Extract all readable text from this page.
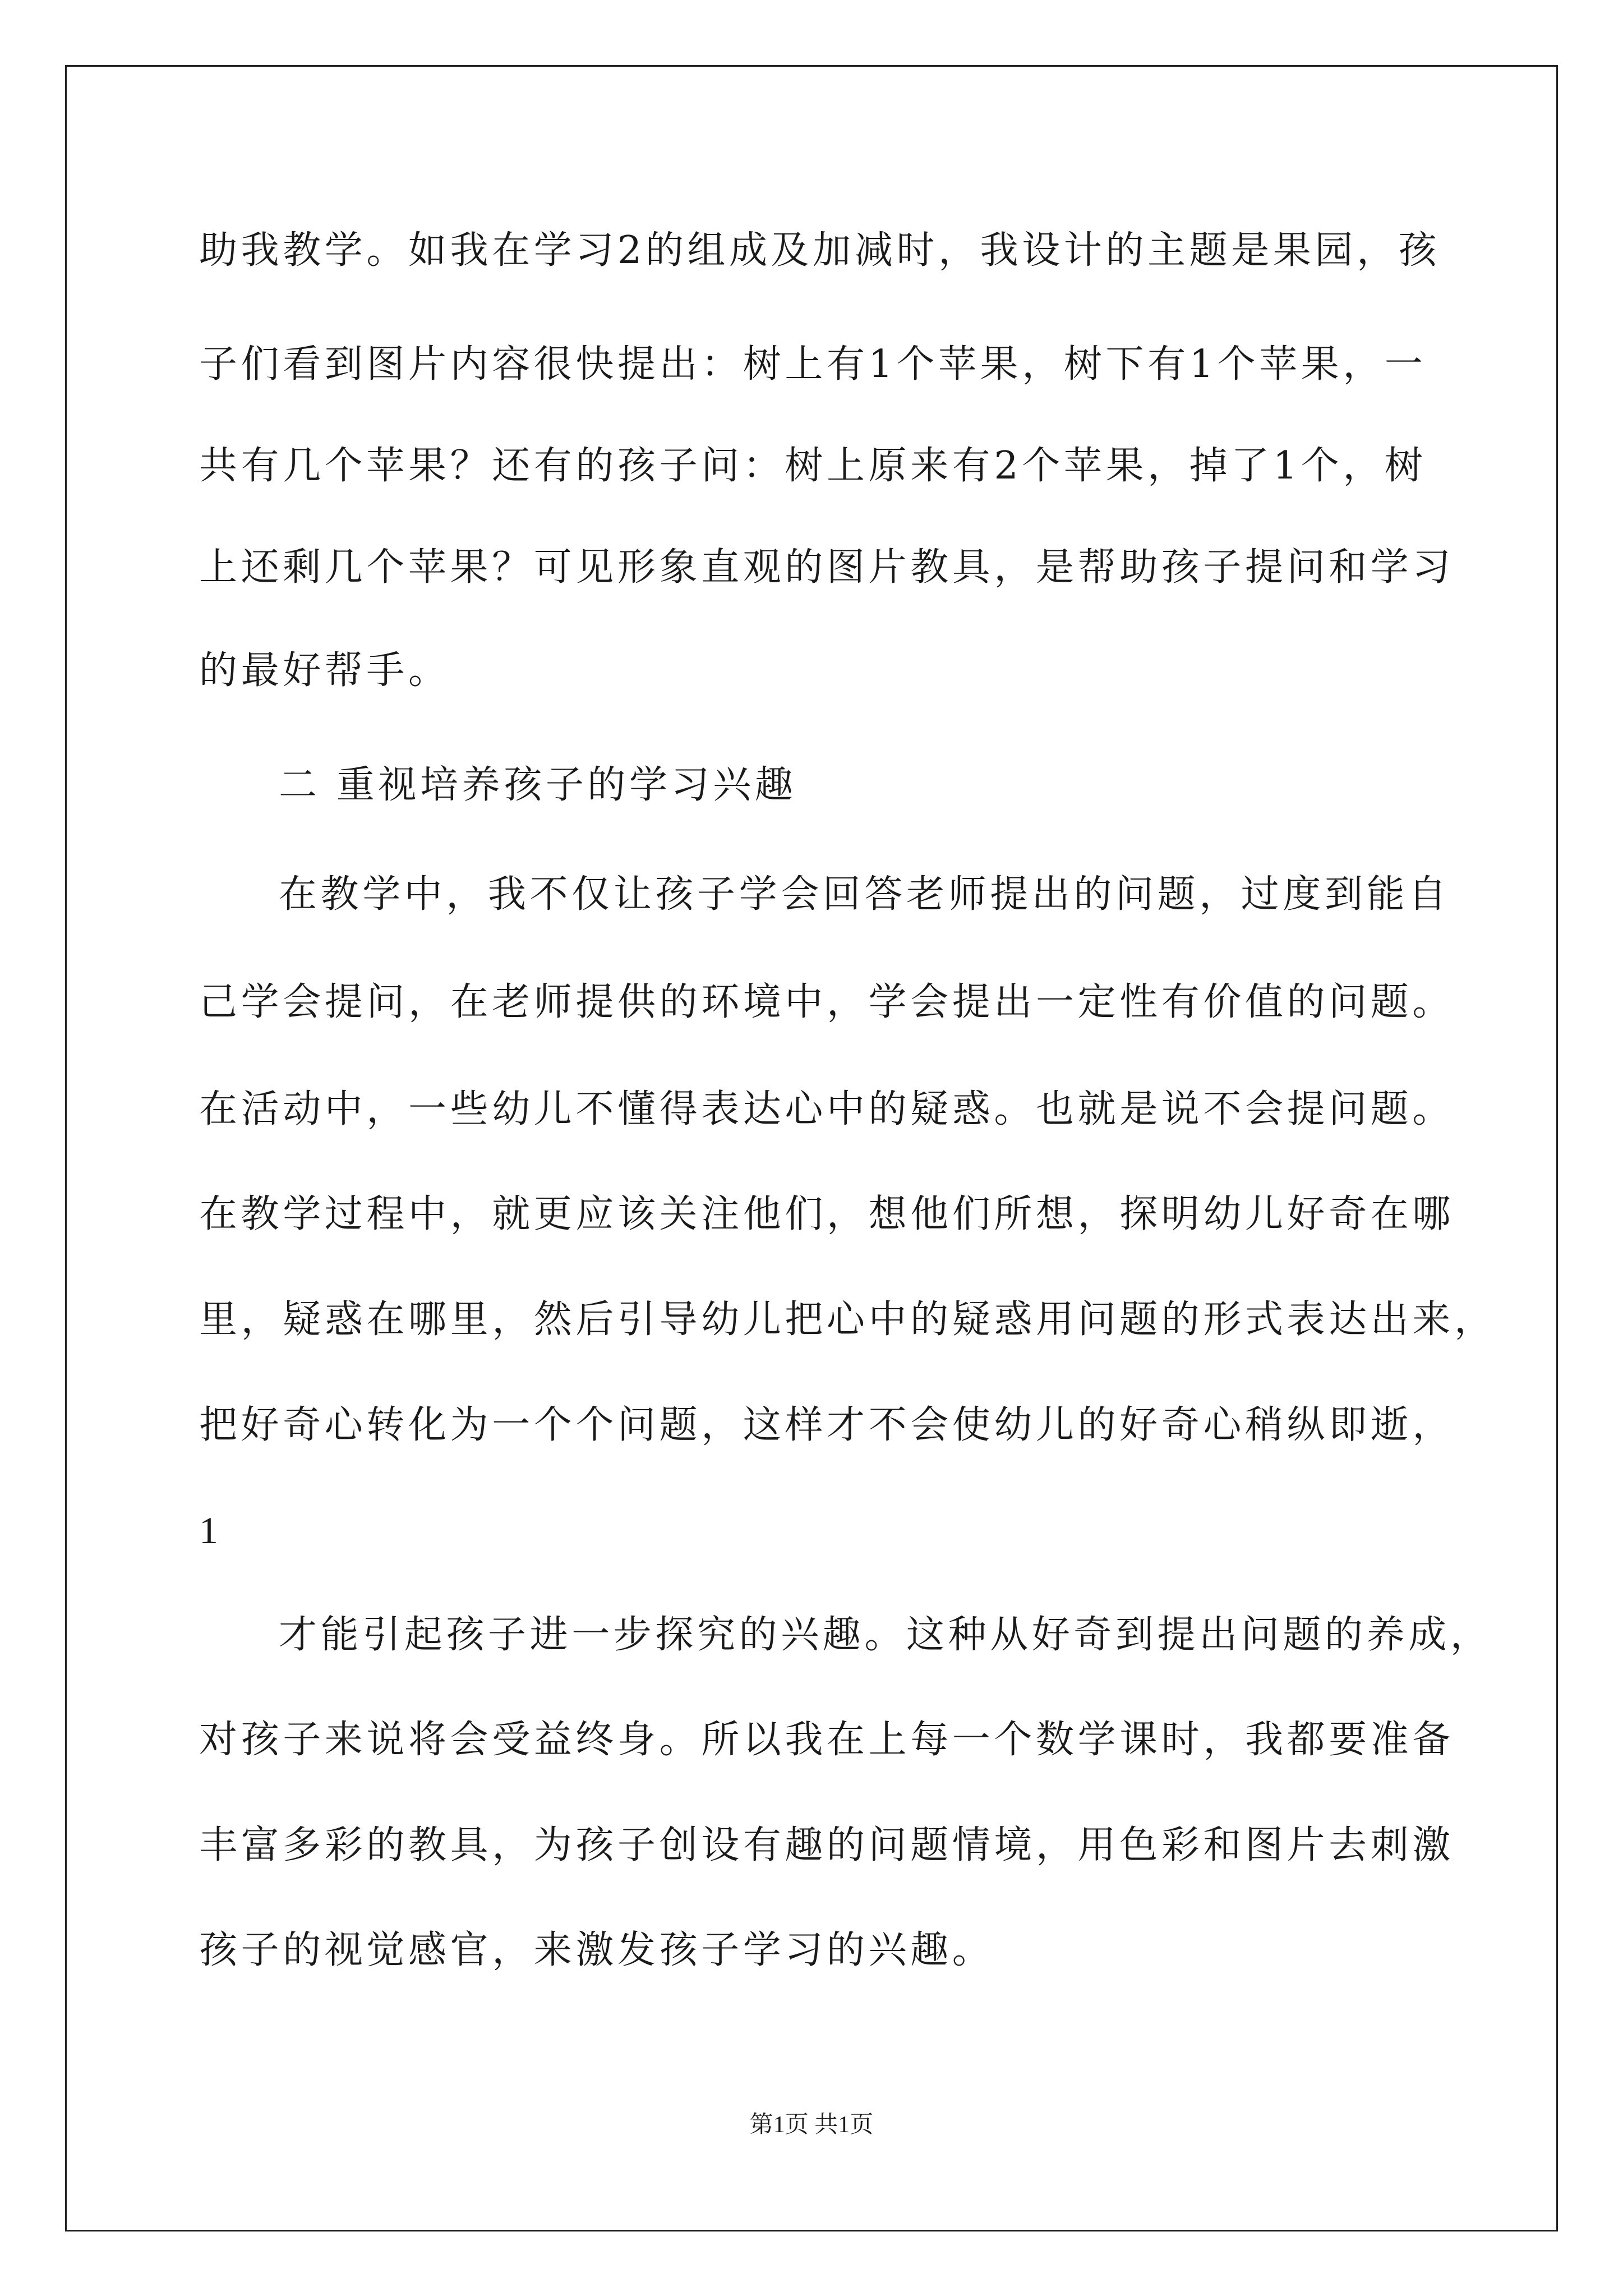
助我教学。如我在学习2的组成及加减时，我设计的主题是果园，孩
子们看到图片内容很快提出：树上有1个苹果，树下有1个苹果，一
共有几个苹果？还有的孩子问：树上原来有2个苹果，掉了1个，树
上还剩几个苹果？可见形象直观的图片教具，是帮助孩子提问和学习
的最好帮手。
二 重视培养孩子的学习兴趣
在教学中，我不仅让孩子学会回答老师提出的问题，过度到能自
己学会提问，在老师提供的环境中，学会提出一定性有价值的问题。
在活动中，一些幼儿不懂得表达心中的疑惑。也就是说不会提问题。
在教学过程中，就更应该关注他们，想他们所想，探明幼儿好奇在哪
里，疑惑在哪里，然后引导幼儿把心中的疑惑用问题的形式表达出来，
把好奇心转化为一个个问题，这样才不会使幼儿的好奇心稍纵即逝，
1
才能引起孩子进一步探究的兴趣。这种从好奇到提出问题的养成，
对孩子来说将会受益终身。所以我在上每一个数学课时，我都要准备
丰富多彩的教具，为孩子创设有趣的问题情境，用色彩和图片去刺激
孩子的视觉感官，来激发孩子学习的兴趣。
第1页 共1页
